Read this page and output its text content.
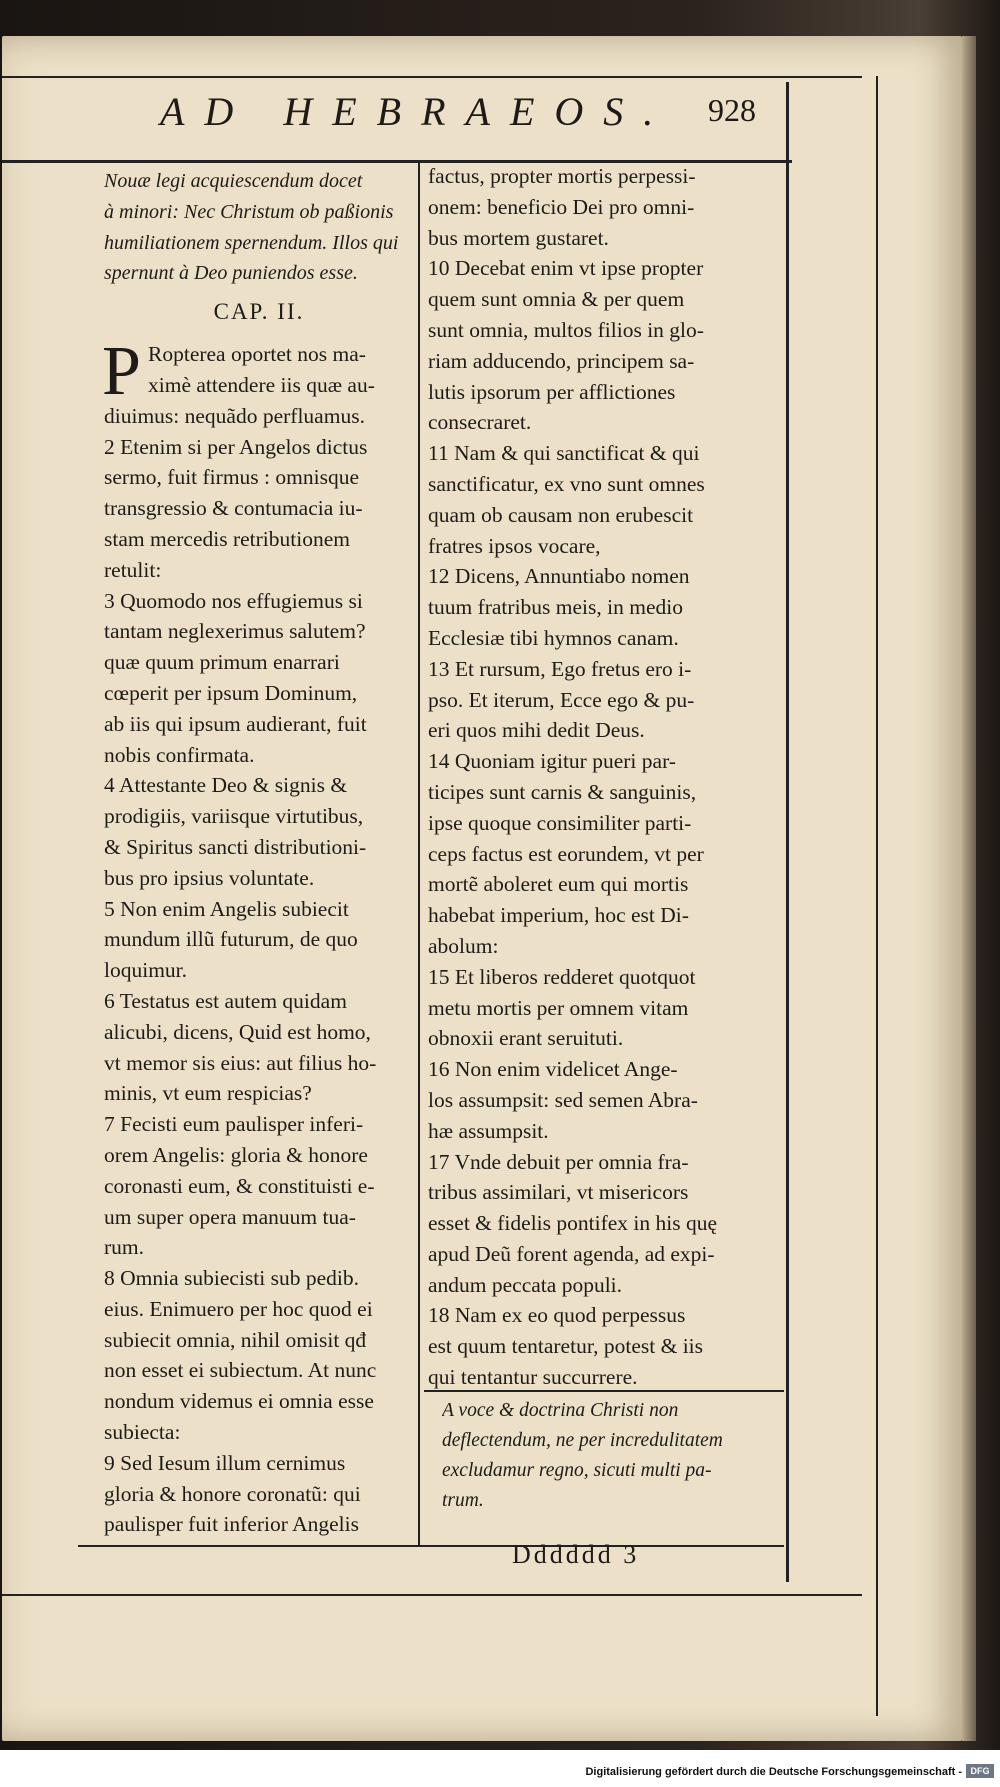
AD HEBRAEOS. 928
Nouæ legi acquiescendum docet
à minori: Nec Christum ob paßionis
humiliationem spernendum. Illos qui
spernunt à Deo puniendos esse.
CAP. II.
P Ropterea oportet nos ma-
ximè attendere iis quæ au-
diuimus: nequãdo perfluamus.
2 Etenim si per Angelos dictus
sermo, fuit firmus : omnisque
transgressio & contumacia iu-
stam mercedis retributionem
retulit:
3 Quomodo nos effugiemus si
tantam neglexerimus salutem?
quæ quum primum enarrari
cœperit per ipsum Dominum,
ab iis qui ipsum audierant, fuit
nobis confirmata.
4 Attestante Deo & signis &
prodigiis, variisque virtutibus,
& Spiritus sancti distributioni-
bus pro ipsius voluntate.
5 Non enim Angelis subiecit
mundum illũ futurum, de quo
loquimur.
6 Testatus est autem quidam
alicubi, dicens, Quid est homo,
vt memor sis eius: aut filius ho-
minis, vt eum respicias?
7 Fecisti eum paulisper inferi-
orem Angelis: gloria & honore
coronasti eum, & constituisti e-
um super opera manuum tua-
rum.
8 Omnia subiecisti sub pedib.
eius. Enimuero per hoc quod ei
subiecit omnia, nihil omisit qđ
non esset ei subiectum. At nunc
nondum videmus ei omnia esse
subiecta:
9 Sed Iesum illum cernimus
gloria & honore coronatũ: qui
paulisper fuit inferior Angelis
factus, propter mortis perpessi-
onem: beneficio Dei pro omni-
bus mortem gustaret.
10 Decebat enim vt ipse propter
quem sunt omnia & per quem
sunt omnia, multos filios in glo-
riam adducendo, principem sa-
lutis ipsorum per afflictiones
consecraret.
11 Nam & qui sanctificat & qui
sanctificatur, ex vno sunt omnes
quam ob causam non erubescit
fratres ipsos vocare,
12 Dicens, Annuntiabo nomen
tuum fratribus meis, in medio
Ecclesiæ tibi hymnos canam.
13 Et rursum, Ego fretus ero i-
pso. Et iterum, Ecce ego & pu-
eri quos mihi dedit Deus.
14 Quoniam igitur pueri par-
ticipes sunt carnis & sanguinis,
ipse quoque consimiliter parti-
ceps factus est eorundem, vt per
mortẽ aboleret eum qui mortis
habebat imperium, hoc est Di-
abolum:
15 Et liberos redderet quotquot
metu mortis per omnem vitam
obnoxii erant seruituti.
16 Non enim videlicet Ange-
los assumpsit: sed semen Abra-
hæ assumpsit.
17 Vnde debuit per omnia fra-
tribus assimilari, vt misericors
esset & fidelis pontifex in his quę
apud Deũ forent agenda, ad expi-
andum peccata populi.
18 Nam ex eo quod perpessus
est quum tentaretur, potest & iis
qui tentantur succurrere.
A voce & doctrina Christi non
deflectendum, ne per incredulitatem
excludamur regno, sicuti multi pa-
trum.
Dddddd 3
Digitalisierung gefördert durch die Deutsche Forschungsgemeinschaft - DFG
